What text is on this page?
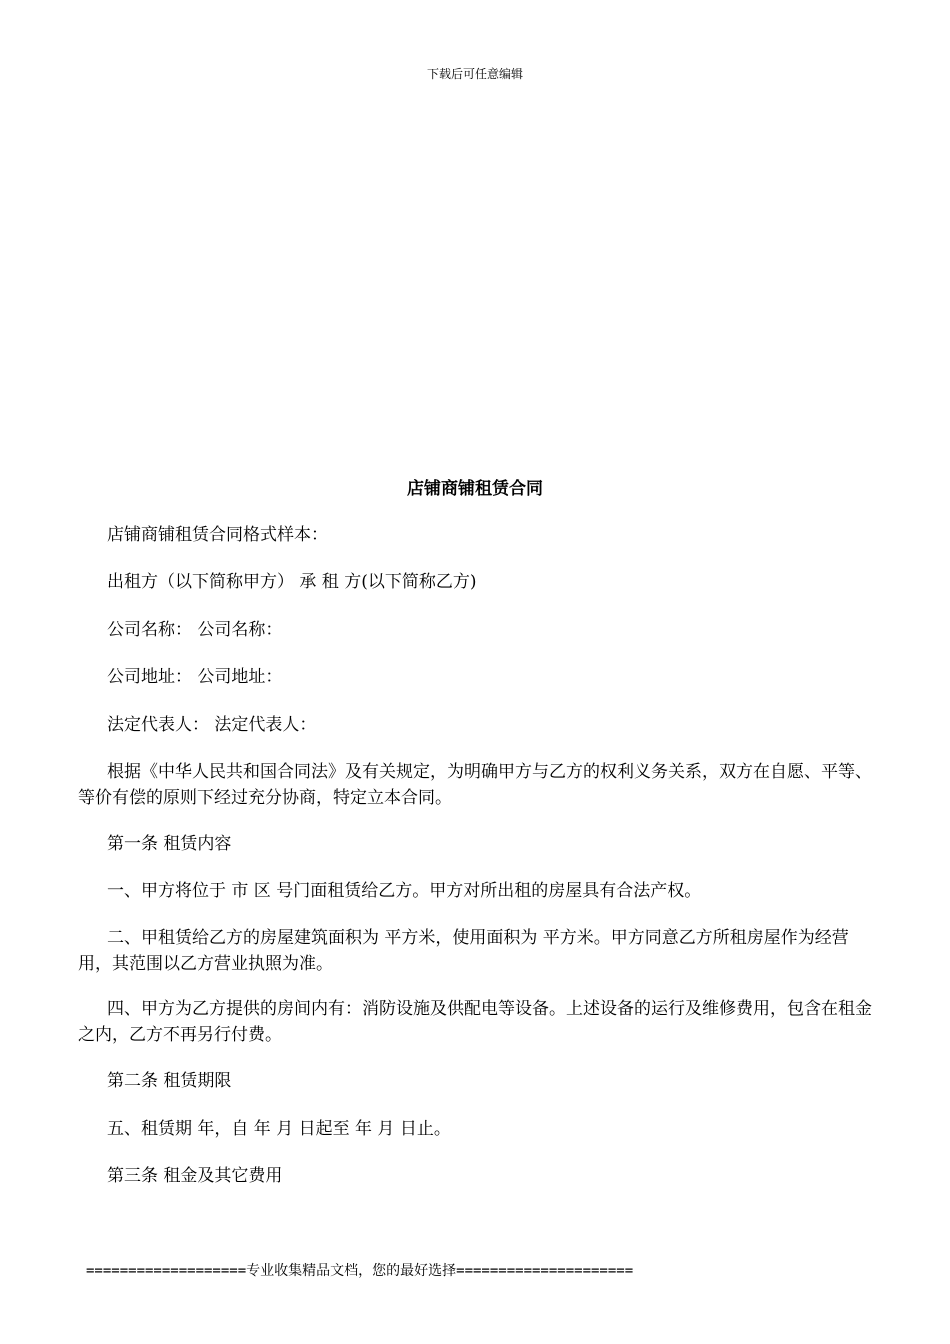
下载后可任意编辑
店铺商铺租赁合同

店铺商铺租赁合同格式样本：

出租方（以下简称甲方） 承 租 方(以下简称乙方)

公司名称： 公司名称：

公司地址： 公司地址：

法定代表人： 法定代表人：

根据《中华人民共和国合同法》及有关规定，为明确甲方与乙方的权利义务关系，双方在自愿、平等、等价有偿的原则下经过充分协商，特定立本合同。

第一条 租赁内容

一、甲方将位于 市 区 号门面租赁给乙方。甲方对所出租的房屋具有合法产权。

二、甲租赁给乙方的房屋建筑面积为 平方米，使用面积为 平方米。甲方同意乙方所租房屋作为经营用，其范围以乙方营业执照为准。

四、甲方为乙方提供的房间内有：消防设施及供配电等设备。上述设备的运行及维修费用，包含在租金之内，乙方不再另行付费。

第二条 租赁期限

五、租赁期 年，自 年 月 日起至 年 月 日止。

第三条 租金及其它费用

===================专业收集精品文档，您的最好选择=====================
